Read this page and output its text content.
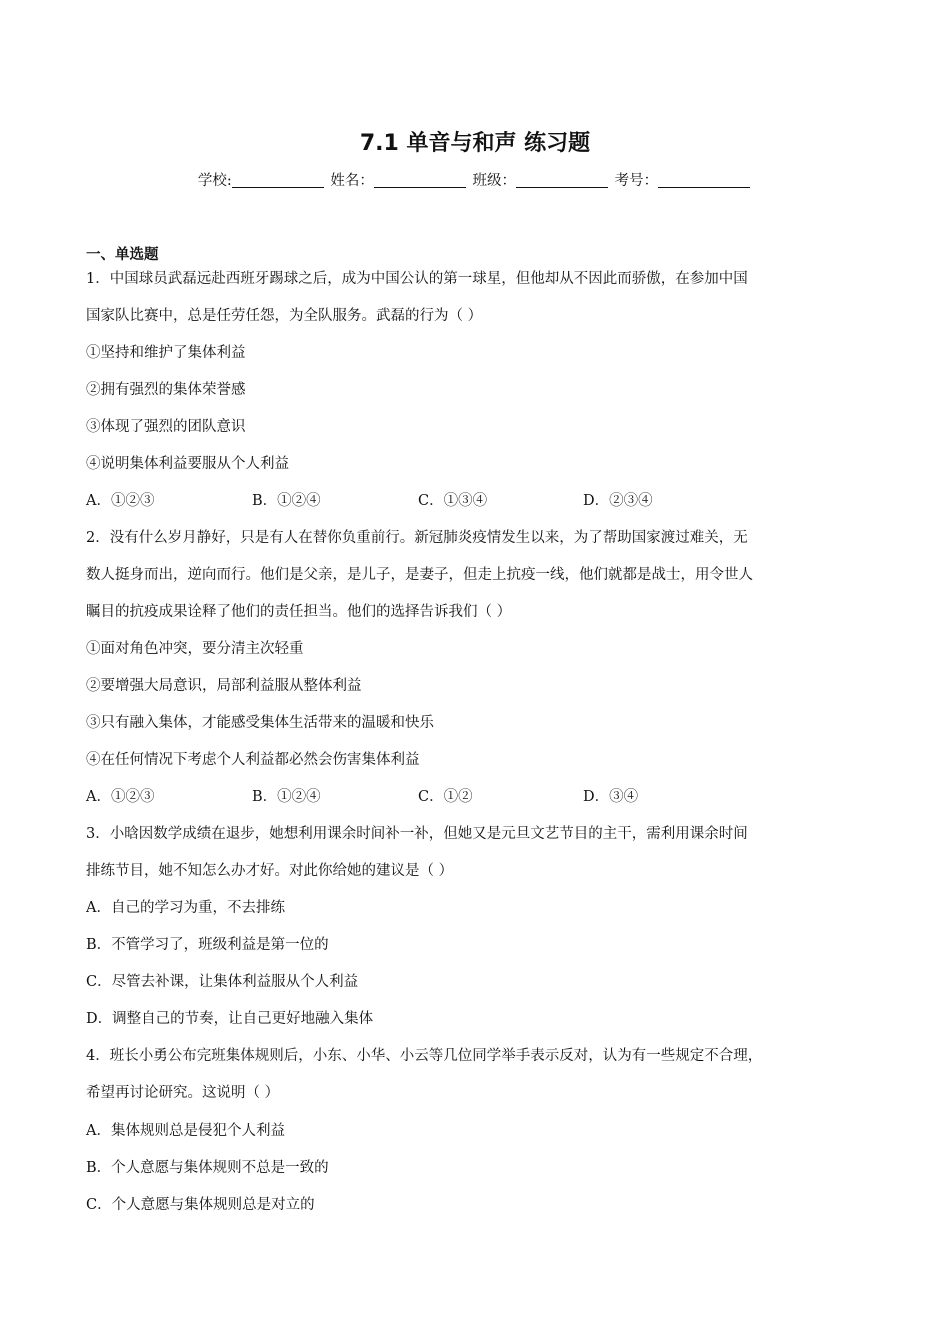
7.1 单音与和声 练习题
学校:	姓名：	班级：	考号：
一、单选题
1．中国球员武磊远赴西班牙踢球之后，成为中国公认的第一球星，但他却从不因此而骄傲，在参加中国
国家队比赛中，总是任劳任怨，为全队服务。武磊的行为（ ）
①坚持和维护了集体利益
②拥有强烈的集体荣誉感
③体现了强烈的团队意识
④说明集体利益要服从个人利益
A．①②③	B．①②④	C．①③④	D．②③④
2．没有什么岁月静好，只是有人在替你负重前行。新冠肺炎疫情发生以来，为了帮助国家渡过难关，无
数人挺身而出，逆向而行。他们是父亲，是儿子，是妻子，但走上抗疫一线，他们就都是战士，用令世人
瞩目的抗疫成果诠释了他们的责任担当。他们的选择告诉我们（ ）
①面对角色冲突，要分清主次轻重
②要增强大局意识，局部利益服从整体利益
③只有融入集体，才能感受集体生活带来的温暖和快乐
④在任何情况下考虑个人利益都必然会伤害集体利益
A．①②③	B．①②④	C．①②	D．③④
3．小晗因数学成绩在退步，她想利用课余时间补一补，但她又是元旦文艺节目的主干，需利用课余时间
排练节目，她不知怎么办才好。对此你给她的建议是（ ）
A．自己的学习为重，不去排练
B．不管学习了，班级利益是第一位的
C．尽管去补课，让集体利益服从个人利益
D．调整自己的节奏，让自己更好地融入集体
4．班长小勇公布完班集体规则后，小东、小华、小云等几位同学举手表示反对，认为有一些规定不合理，
希望再讨论研究。这说明（ ）
A．集体规则总是侵犯个人利益
B．个人意愿与集体规则不总是一致的
C．个人意愿与集体规则总是对立的
